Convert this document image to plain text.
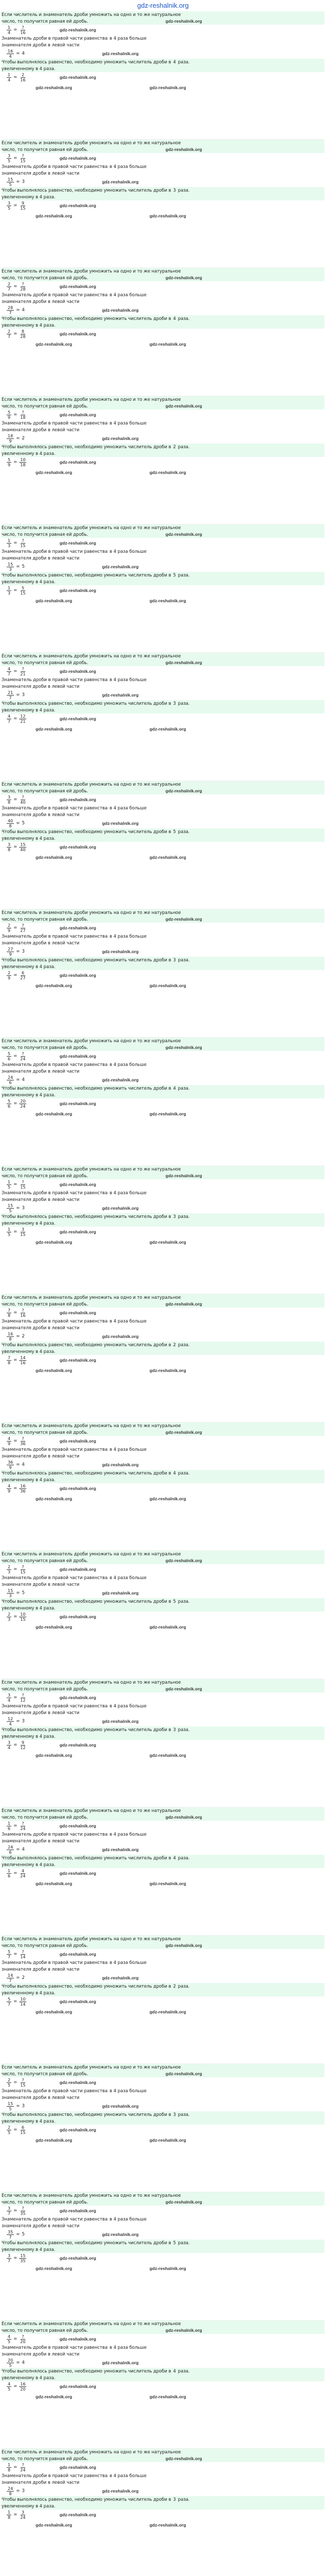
gdz-reshalnik.org
Если числитель и знаменатель дроби умножить на одно и то же натуральное
число, то получится равная ей дробь.	gdz-reshalnik.org
$\frac{1}{4} = \frac{?}{16}$	gdz-reshalnik.org
Знаменатель дроби в правой части равенства в 4 раза больше
знаменателя дроби в левой части
$\frac{16}{4} = 4$	gdz-reshalnik.org
Чтобы выполнялось равенство, необходимо умножить числитель дроби в 4 раза.
увеличенному в 4 раза.
$\frac{1}{4} = \frac{2}{16}$	gdz-reshalnik.org
gdz-reshalnik.org	gdz-reshalnik.org
Если числитель и знаменатель дроби умножить на одно и то же натуральное
число, то получится равная ей дробь.	gdz-reshalnik.org
$\frac{3}{5} = \frac{?}{15}$	gdz-reshalnik.org
Знаменатель дроби в правой части равенства в 4 раза больше
знаменателя дроби в левой части
$\frac{15}{5} = 3$	gdz-reshalnik.org
Чтобы выполнялось равенство, необходимо умножить числитель дроби в 3 раза.
увеличенному в 4 раза.
$\frac{3}{5} = \frac{9}{15}$	gdz-reshalnik.org
gdz-reshalnik.org	gdz-reshalnik.org
Если числитель и знаменатель дроби умножить на одно и то же натуральное
число, то получится равная ей дробь.	gdz-reshalnik.org
$\frac{2}{7} = \frac{?}{28}$	gdz-reshalnik.org
Знаменатель дроби в правой части равенства в 4 раза больше
знаменателя дроби в левой части
$\frac{28}{7} = 4$	gdz-reshalnik.org
Чтобы выполнялось равенство, необходимо умножить числитель дроби в 4 раза.
увеличенному в 4 раза.
$\frac{2}{7} = \frac{8}{28}$	gdz-reshalnik.org
gdz-reshalnik.org	gdz-reshalnik.org
Если числитель и знаменатель дроби умножить на одно и то же натуральное
число, то получится равная ей дробь.	gdz-reshalnik.org
$\frac{5}{9} = \frac{?}{18}$	gdz-reshalnik.org
Знаменатель дроби в правой части равенства в 4 раза больше
знаменателя дроби в левой части
$\frac{18}{9} = 2$	gdz-reshalnik.org
Чтобы выполнялось равенство, необходимо умножить числитель дроби в 2 раза.
увеличенному в 4 раза.
$\frac{5}{9} = \frac{10}{18}$	gdz-reshalnik.org
gdz-reshalnik.org	gdz-reshalnik.org
Если числитель и знаменатель дроби умножить на одно и то же натуральное
число, то получится равная ей дробь.	gdz-reshalnik.org
$\frac{1}{3} = \frac{?}{15}$	gdz-reshalnik.org
Знаменатель дроби в правой части равенства в 4 раза больше
знаменателя дроби в левой части
$\frac{15}{3} = 5$	gdz-reshalnik.org
Чтобы выполнялось равенство, необходимо умножить числитель дроби в 5 раза.
увеличенному в 4 раза.
$\frac{1}{3} = \frac{5}{15}$	gdz-reshalnik.org
gdz-reshalnik.org	gdz-reshalnik.org
Если числитель и знаменатель дроби умножить на одно и то же натуральное
число, то получится равная ей дробь.	gdz-reshalnik.org
$\frac{4}{7} = \frac{?}{21}$	gdz-reshalnik.org
Знаменатель дроби в правой части равенства в 4 раза больше
знаменателя дроби в левой части
$\frac{21}{7} = 3$	gdz-reshalnik.org
Чтобы выполнялось равенство, необходимо умножить числитель дроби в 3 раза.
увеличенному в 4 раза.
$\frac{4}{7} = \frac{12}{21}$	gdz-reshalnik.org
gdz-reshalnik.org	gdz-reshalnik.org
Если числитель и знаменатель дроби умножить на одно и то же натуральное
число, то получится равная ей дробь.	gdz-reshalnik.org
$\frac{3}{8} = \frac{?}{40}$	gdz-reshalnik.org
Знаменатель дроби в правой части равенства в 4 раза больше
знаменателя дроби в левой части
$\frac{40}{8} = 5$	gdz-reshalnik.org
Чтобы выполнялось равенство, необходимо умножить числитель дроби в 5 раза.
увеличенному в 4 раза.
$\frac{3}{8} = \frac{15}{40}$	gdz-reshalnik.org
gdz-reshalnik.org	gdz-reshalnik.org
Если числитель и знаменатель дроби умножить на одно и то же натуральное
число, то получится равная ей дробь.	gdz-reshalnik.org
$\frac{2}{9} = \frac{?}{27}$	gdz-reshalnik.org
Знаменатель дроби в правой части равенства в 4 раза больше
знаменателя дроби в левой части
$\frac{27}{9} = 3$	gdz-reshalnik.org
Чтобы выполнялось равенство, необходимо умножить числитель дроби в 3 раза.
увеличенному в 4 раза.
$\frac{2}{9} = \frac{6}{27}$	gdz-reshalnik.org
gdz-reshalnik.org	gdz-reshalnik.org
Если числитель и знаменатель дроби умножить на одно и то же натуральное
число, то получится равная ей дробь.	gdz-reshalnik.org
$\frac{5}{6} = \frac{?}{24}$	gdz-reshalnik.org
Знаменатель дроби в правой части равенства в 4 раза больше
знаменателя дроби в левой части
$\frac{24}{6} = 4$	gdz-reshalnik.org
Чтобы выполнялось равенство, необходимо умножить числитель дроби в 4 раза.
увеличенному в 4 раза.
$\frac{5}{6} = \frac{20}{24}$	gdz-reshalnik.org
gdz-reshalnik.org	gdz-reshalnik.org
Если числитель и знаменатель дроби умножить на одно и то же натуральное
число, то получится равная ей дробь.	gdz-reshalnik.org
$\frac{1}{5} = \frac{?}{15}$	gdz-reshalnik.org
Знаменатель дроби в правой части равенства в 4 раза больше
знаменателя дроби в левой части
$\frac{15}{5} = 3$	gdz-reshalnik.org
Чтобы выполнялось равенство, необходимо умножить числитель дроби в 3 раза.
увеличенному в 4 раза.
$\frac{1}{5} = \frac{3}{15}$	gdz-reshalnik.org
gdz-reshalnik.org	gdz-reshalnik.org
Если числитель и знаменатель дроби умножить на одно и то же натуральное
число, то получится равная ей дробь.	gdz-reshalnik.org
$\frac{7}{8} = \frac{?}{16}$	gdz-reshalnik.org
Знаменатель дроби в правой части равенства в 4 раза больше
знаменателя дроби в левой части
$\frac{16}{8} = 2$	gdz-reshalnik.org
Чтобы выполнялось равенство, необходимо умножить числитель дроби в 2 раза.
увеличенному в 4 раза.
$\frac{7}{8} = \frac{14}{16}$	gdz-reshalnik.org
gdz-reshalnik.org	gdz-reshalnik.org
Если числитель и знаменатель дроби умножить на одно и то же натуральное
число, то получится равная ей дробь.	gdz-reshalnik.org
$\frac{4}{9} = \frac{?}{36}$	gdz-reshalnik.org
Знаменатель дроби в правой части равенства в 4 раза больше
знаменателя дроби в левой части
$\frac{36}{9} = 4$	gdz-reshalnik.org
Чтобы выполнялось равенство, необходимо умножить числитель дроби в 4 раза.
увеличенному в 4 раза.
$\frac{4}{9} = \frac{16}{36}$	gdz-reshalnik.org
gdz-reshalnik.org	gdz-reshalnik.org
Если числитель и знаменатель дроби умножить на одно и то же натуральное
число, то получится равная ей дробь.	gdz-reshalnik.org
$\frac{2}{3} = \frac{?}{15}$	gdz-reshalnik.org
Знаменатель дроби в правой части равенства в 4 раза больше
знаменателя дроби в левой части
$\frac{15}{3} = 5$	gdz-reshalnik.org
Чтобы выполнялось равенство, необходимо умножить числитель дроби в 5 раза.
увеличенному в 4 раза.
$\frac{2}{3} = \frac{10}{15}$	gdz-reshalnik.org
gdz-reshalnik.org	gdz-reshalnik.org
Если числитель и знаменатель дроби умножить на одно и то же натуральное
число, то получится равная ей дробь.	gdz-reshalnik.org
$\frac{3}{4} = \frac{?}{12}$	gdz-reshalnik.org
Знаменатель дроби в правой части равенства в 4 раза больше
знаменателя дроби в левой части
$\frac{12}{4} = 3$	gdz-reshalnik.org
Чтобы выполнялось равенство, необходимо умножить числитель дроби в 3 раза.
увеличенному в 4 раза.
$\frac{3}{4} = \frac{9}{12}$	gdz-reshalnik.org
gdz-reshalnik.org	gdz-reshalnik.org
Если числитель и знаменатель дроби умножить на одно и то же натуральное
число, то получится равная ей дробь.	gdz-reshalnik.org
$\frac{1}{6} = \frac{?}{24}$	gdz-reshalnik.org
Знаменатель дроби в правой части равенства в 4 раза больше
знаменателя дроби в левой части
$\frac{24}{6} = 4$	gdz-reshalnik.org
Чтобы выполнялось равенство, необходимо умножить числитель дроби в 4 раза.
увеличенному в 4 раза.
$\frac{1}{6} = \frac{4}{24}$	gdz-reshalnik.org
gdz-reshalnik.org	gdz-reshalnik.org
Если числитель и знаменатель дроби умножить на одно и то же натуральное
число, то получится равная ей дробь.	gdz-reshalnik.org
$\frac{5}{7} = \frac{?}{14}$	gdz-reshalnik.org
Знаменатель дроби в правой части равенства в 4 раза больше
знаменателя дроби в левой части
$\frac{14}{7} = 2$	gdz-reshalnik.org
Чтобы выполнялось равенство, необходимо умножить числитель дроби в 2 раза.
увеличенному в 4 раза.
$\frac{5}{7} = \frac{10}{14}$	gdz-reshalnik.org
gdz-reshalnik.org	gdz-reshalnik.org
Если числитель и знаменатель дроби умножить на одно и то же натуральное
число, то получится равная ей дробь.	gdz-reshalnik.org
$\frac{2}{5} = \frac{?}{15}$	gdz-reshalnik.org
Знаменатель дроби в правой части равенства в 4 раза больше
знаменателя дроби в левой части
$\frac{15}{5} = 3$	gdz-reshalnik.org
Чтобы выполнялось равенство, необходимо умножить числитель дроби в 3 раза.
увеличенному в 4 раза.
$\frac{2}{5} = \frac{6}{15}$	gdz-reshalnik.org
gdz-reshalnik.org	gdz-reshalnik.org
Если числитель и знаменатель дроби умножить на одно и то же натуральное
число, то получится равная ей дробь.	gdz-reshalnik.org
$\frac{3}{7} = \frac{?}{35}$	gdz-reshalnik.org
Знаменатель дроби в правой части равенства в 4 раза больше
знаменателя дроби в левой части
$\frac{35}{7} = 5$	gdz-reshalnik.org
Чтобы выполнялось равенство, необходимо умножить числитель дроби в 5 раза.
увеличенному в 4 раза.
$\frac{3}{7} = \frac{15}{35}$	gdz-reshalnik.org
gdz-reshalnik.org	gdz-reshalnik.org
Если числитель и знаменатель дроби умножить на одно и то же натуральное
число, то получится равная ей дробь.	gdz-reshalnik.org
$\frac{4}{5} = \frac{?}{20}$	gdz-reshalnik.org
Знаменатель дроби в правой части равенства в 4 раза больше
знаменателя дроби в левой части
$\frac{20}{5} = 4$	gdz-reshalnik.org
Чтобы выполнялось равенство, необходимо умножить числитель дроби в 4 раза.
увеличенному в 4 раза.
$\frac{4}{5} = \frac{16}{20}$	gdz-reshalnik.org
gdz-reshalnik.org	gdz-reshalnik.org
Если числитель и знаменатель дроби умножить на одно и то же натуральное
число, то получится равная ей дробь.	gdz-reshalnik.org
$\frac{1}{8} = \frac{?}{24}$	gdz-reshalnik.org
Знаменатель дроби в правой части равенства в 4 раза больше
знаменателя дроби в левой части
$\frac{24}{8} = 3$	gdz-reshalnik.org
Чтобы выполнялось равенство, необходимо умножить числитель дроби в 3 раза.
увеличенному в 4 раза.
$\frac{1}{8} = \frac{3}{24}$	gdz-reshalnik.org
gdz-reshalnik.org	gdz-reshalnik.org
